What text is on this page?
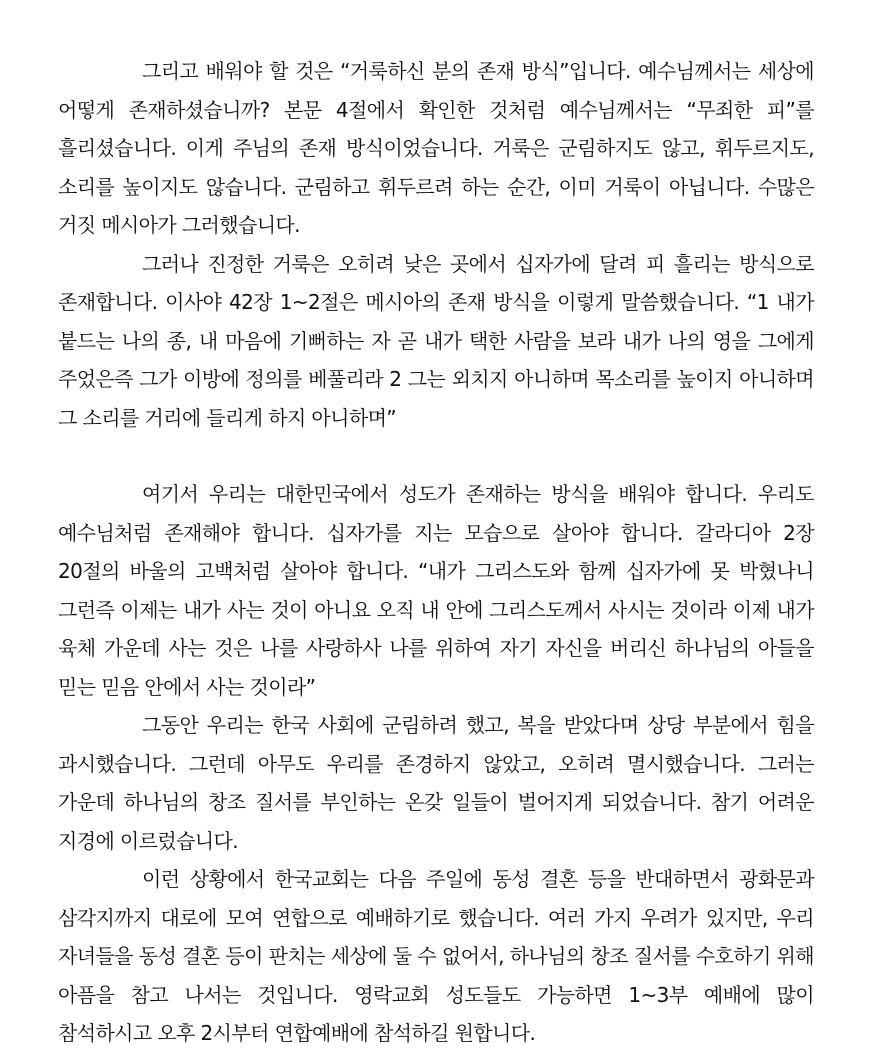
그리고 배워야 할 것은 “거룩하신 분의 존재 방식”입니다. 예수님께서는 세상에 어떻게 존재하셨습니까? 본문 4절에서 확인한 것처럼 예수님께서는 “무죄한 피”를 흘리셨습니다. 이게 주님의 존재 방식이었습니다. 거룩은 군림하지도 않고, 휘두르지도, 소리를 높이지도 않습니다. 군림하고 휘두르려 하는 순간, 이미 거룩이 아닙니다. 수많은 거짓 메시아가 그러했습니다.

그러나 진정한 거룩은 오히려 낮은 곳에서 십자가에 달려 피 흘리는 방식으로 존재합니다. 이사야 42장 1~2절은 메시아의 존재 방식을 이렇게 말씀했습니다. “1 내가 붙드는 나의 종, 내 마음에 기뻐하는 자 곧 내가 택한 사람을 보라 내가 나의 영을 그에게 주었은즉 그가 이방에 정의를 베풀리라 2 그는 외치지 아니하며 목소리를 높이지 아니하며 그 소리를 거리에 들리게 하지 아니하며”

여기서 우리는 대한민국에서 성도가 존재하는 방식을 배워야 합니다. 우리도 예수님처럼 존재해야 합니다. 십자가를 지는 모습으로 살아야 합니다. 갈라디아 2장 20절의 바울의 고백처럼 살아야 합니다. “내가 그리스도와 함께 십자가에 못 박혔나니 그런즉 이제는 내가 사는 것이 아니요 오직 내 안에 그리스도께서 사시는 것이라 이제 내가 육체 가운데 사는 것은 나를 사랑하사 나를 위하여 자기 자신을 버리신 하나님의 아들을 믿는 믿음 안에서 사는 것이라”

그동안 우리는 한국 사회에 군림하려 했고, 복을 받았다며 상당 부분에서 힘을 과시했습니다. 그런데 아무도 우리를 존경하지 않았고, 오히려 멸시했습니다. 그러는 가운데 하나님의 창조 질서를 부인하는 온갖 일들이 벌어지게 되었습니다. 참기 어려운 지경에 이르렀습니다.

이런 상황에서 한국교회는 다음 주일에 동성 결혼 등을 반대하면서 광화문과 삼각지까지 대로에 모여 연합으로 예배하기로 했습니다. 여러 가지 우려가 있지만, 우리 자녀들을 동성 결혼 등이 판치는 세상에 둘 수 없어서, 하나님의 창조 질서를 수호하기 위해 아픔을 참고 나서는 것입니다. 영락교회 성도들도 가능하면 1~3부 예배에 많이 참석하시고 오후 2시부터 연합예배에 참석하길 원합니다.
